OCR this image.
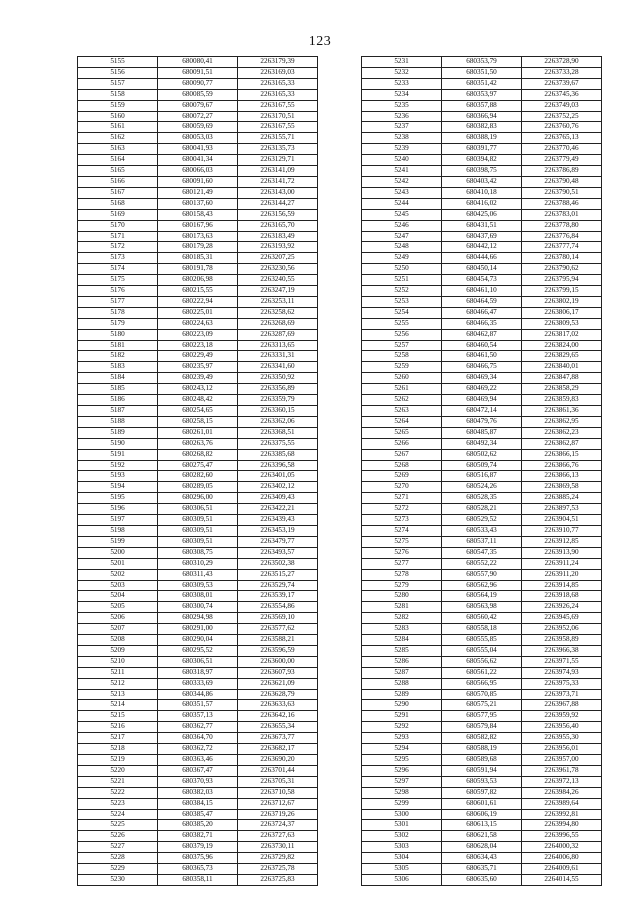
123
5155	680080,41	2263179,39
5156	680091,51	2263169,03
5157	680090,77	2263165,33
5158	680085,59	2263165,33
5159	680079,67	2263167,55
5160	680072,27	2263170,51
5161	680059,69	2263167,55
5162	680053,03	2263155,71
5163	680041,93	2263135,73
5164	680041,34	2263129,71
5165	680066,03	2263141,09
5166	680091,60	2263141,72
5167	680121,49	2263143,00
5168	680137,60	2263144,27
5169	680158,43	2263156,59
5170	680167,96	2263165,70
5171	680173,63	2263183,49
5172	680179,28	2263193,92
5173	680185,31	2263207,25
5174	680191,78	2263230,56
5175	680206,98	2263240,55
5176	680215,55	2263247,19
5177	680222,94	2263253,11
5178	680225,01	2263258,62
5179	680224,63	2263268,69
5180	680223,09	2263287,69
5181	680223,18	2263313,65
5182	680229,49	2263331,31
5183	680235,97	2263341,60
5184	680239,49	2263350,92
5185	680243,12	2263356,89
5186	680248,42	2263359,79
5187	680254,65	2263360,15
5188	680258,15	2263362,06
5189	680261,01	2263368,51
5190	680263,76	2263375,55
5191	680268,82	2263385,68
5192	680275,47	2263396,58
5193	680282,60	2263401,05
5194	680289,05	2263402,12
5195	680296,00	2263409,43
5196	680306,51	2263422,21
5197	680309,51	2263439,43
5198	680309,51	2263453,19
5199	680309,51	2263479,77
5200	680308,75	2263493,57
5201	680310,29	2263502,38
5202	680311,43	2263515,27
5203	680309,53	2263529,74
5204	680308,01	2263539,17
5205	680300,74	2263554,86
5206	680294,98	2263569,10
5207	680291,00	2263577,62
5208	680290,04	2263588,21
5209	680295,52	2263596,59
5210	680306,51	2263600,00
5211	680318,97	2263607,93
5212	680333,69	2263621,09
5213	680344,86	2263628,79
5214	680351,57	2263633,63
5215	680357,13	2263642,16
5216	680362,77	2263655,34
5217	680364,70	2263673,77
5218	680362,72	2263682,17
5219	680363,46	2263690,20
5220	680367,47	2263701,44
5221	680370,93	2263705,31
5222	680382,03	2263710,58
5223	680384,15	2263712,67
5224	680385,47	2263719,26
5225	680385,20	2263724,37
5226	680382,71	2263727,63
5227	680379,19	2263730,11
5228	680375,96	2263729,82
5229	680365,73	2263725,78
5230	680358,11	2263725,83
5231	680353,79	2263728,90
5232	680351,50	2263733,28
5233	680351,42	2263739,67
5234	680353,97	2263745,36
5235	680357,88	2263749,03
5236	680366,94	2263752,25
5237	680382,83	2263760,76
5238	680388,19	2263765,13
5239	680391,77	2263770,46
5240	680394,82	2263779,49
5241	680398,75	2263786,89
5242	680403,42	2263790,48
5243	680410,18	2263790,51
5244	680416,02	2263788,46
5245	680425,06	2263783,01
5246	680431,51	2263778,80
5247	680437,69	2263776,84
5248	680442,12	2263777,74
5249	680444,66	2263780,14
5250	680450,14	2263790,62
5251	680454,73	2263795,94
5252	680461,10	2263799,15
5253	680464,59	2263802,19
5254	680466,47	2263806,17
5255	680466,35	2263809,53
5256	680462,87	2263817,02
5257	680460,54	2263824,00
5258	680461,50	2263829,65
5259	680466,75	2263840,01
5260	680469,34	2263847,88
5261	680469,22	2263858,29
5262	680469,94	2263859,83
5263	680472,14	2263861,36
5264	680479,76	2263862,95
5265	680485,87	2263862,23
5266	680492,34	2263862,87
5267	680502,62	2263866,15
5268	680509,74	2263866,76
5269	680516,87	2263866,13
5270	680524,26	2263869,58
5271	680528,35	2263885,24
5272	680528,21	2263897,53
5273	680529,52	2263904,51
5274	680533,43	2263910,77
5275	680537,11	2263912,85
5276	680547,35	2263913,90
5277	680552,22	2263911,24
5278	680557,90	2263911,20
5279	680562,96	2263914,85
5280	680564,19	2263918,68
5281	680563,98	2263926,24
5282	680560,42	2263945,69
5283	680558,18	2263952,06
5284	680555,85	2263958,89
5285	680555,04	2263966,38
5286	680556,62	2263971,55
5287	680561,22	2263974,93
5288	680566,95	2263975,33
5289	680570,85	2263973,71
5290	680575,21	2263967,88
5291	680577,95	2263959,92
5292	680579,84	2263956,40
5293	680582,82	2263955,30
5294	680588,19	2263956,01
5295	680589,68	2263957,00
5296	680591,94	2263961,78
5297	680593,53	2263972,13
5298	680597,82	2263984,26
5299	680601,61	2263989,64
5300	680606,19	2263992,81
5301	680613,15	2263994,80
5302	680621,58	2263996,55
5303	680628,04	2264000,32
5304	680634,43	2264006,80
5305	680635,71	2264009,61
5306	680635,60	2264014,55
